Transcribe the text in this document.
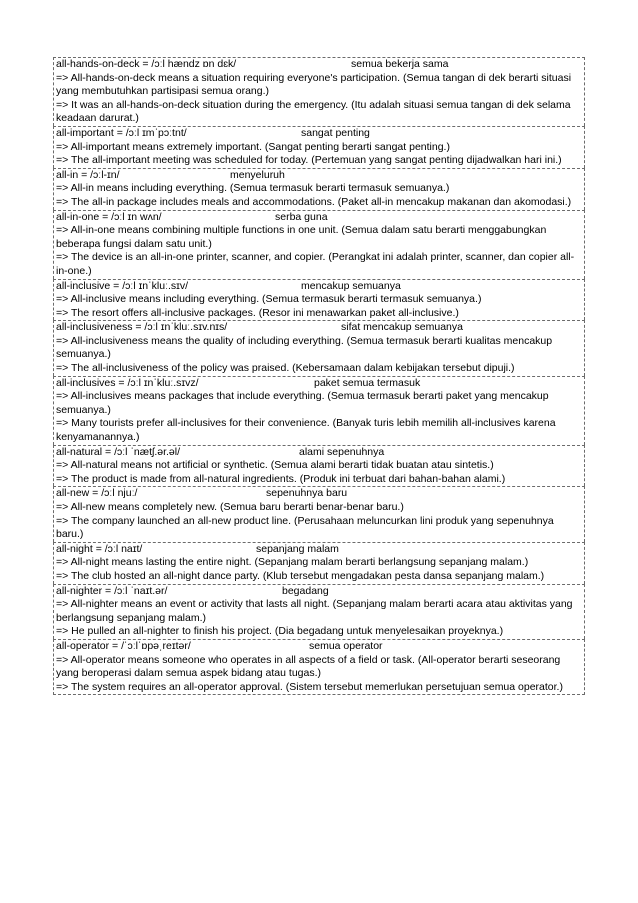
all-hands-on-deck = /ɔːl hændz ɒn dɛk/	semua bekerja sama
=> All-hands-on-deck means a situation requiring everyone's participation. (Semua tangan di dek berarti situasi yang membutuhkan partisipasi semua orang.)
=> It was an all-hands-on-deck situation during the emergency. (Itu adalah situasi semua tangan di dek selama keadaan darurat.)
all-important = /ɔːl ɪmˈpɔːtnt/	sangat penting
=> All-important means extremely important. (Sangat penting berarti sangat penting.)
=> The all-important meeting was scheduled for today. (Pertemuan yang sangat penting dijadwalkan hari ini.)
all-in = /ɔːl-ɪn/	menyeluruh
=> All-in means including everything. (Semua termasuk berarti termasuk semuanya.)
=> The all-in package includes meals and accommodations. (Paket all-in mencakup makanan dan akomodasi.)
all-in-one = /ɔːl ɪn wʌn/	serba guna
=> All-in-one means combining multiple functions in one unit. (Semua dalam satu berarti menggabungkan beberapa fungsi dalam satu unit.)
=> The device is an all-in-one printer, scanner, and copier. (Perangkat ini adalah printer, scanner, dan copier all-in-one.)
all-inclusive = /ɔːl ɪnˈkluː.sɪv/	mencakup semuanya
=> All-inclusive means including everything. (Semua termasuk berarti termasuk semuanya.)
=> The resort offers all-inclusive packages. (Resor ini menawarkan paket all-inclusive.)
all-inclusiveness = /ɔːl ɪnˈkluː.sɪv.nɪs/	sifat mencakup semuanya
=> All-inclusiveness means the quality of including everything. (Semua termasuk berarti kualitas mencakup semuanya.)
=> The all-inclusiveness of the policy was praised. (Kebersamaan dalam kebijakan tersebut dipuji.)
all-inclusives = /ɔːl ɪnˈkluː.sɪvz/	paket semua termasuk
=> All-inclusives means packages that include everything. (Semua termasuk berarti paket yang mencakup semuanya.)
=> Many tourists prefer all-inclusives for their convenience. (Banyak turis lebih memilih all-inclusives karena kenyamanannya.)
all-natural = /ɔːl ˈnætʃ.ər.əl/	alami sepenuhnya
=> All-natural means not artificial or synthetic. (Semua alami berarti tidak buatan atau sintetis.)
=> The product is made from all-natural ingredients. (Produk ini terbuat dari bahan-bahan alami.)
all-new = /ɔːl njuː/	sepenuhnya baru
=> All-new means completely new. (Semua baru berarti benar-benar baru.)
=> The company launched an all-new product line. (Perusahaan meluncurkan lini produk yang sepenuhnya baru.)
all-night = /ɔːl naɪt/	sepanjang malam
=> All-night means lasting the entire night. (Sepanjang malam berarti berlangsung sepanjang malam.)
=> The club hosted an all-night dance party. (Klub tersebut mengadakan pesta dansa sepanjang malam.)
all-nighter = /ɔːl ˈnaɪt.ər/	begadang
=> All-nighter means an event or activity that lasts all night. (Sepanjang malam berarti acara atau aktivitas yang berlangsung sepanjang malam.)
=> He pulled an all-nighter to finish his project. (Dia begadang untuk menyelesaikan proyeknya.)
all-operator = /ˈɔːlˈɒpəˌreɪtər/	semua operator
=> All-operator means someone who operates in all aspects of a field or task. (All-operator berarti seseorang yang beroperasi dalam semua aspek bidang atau tugas.)
=> The system requires an all-operator approval. (Sistem tersebut memerlukan persetujuan semua operator.)
